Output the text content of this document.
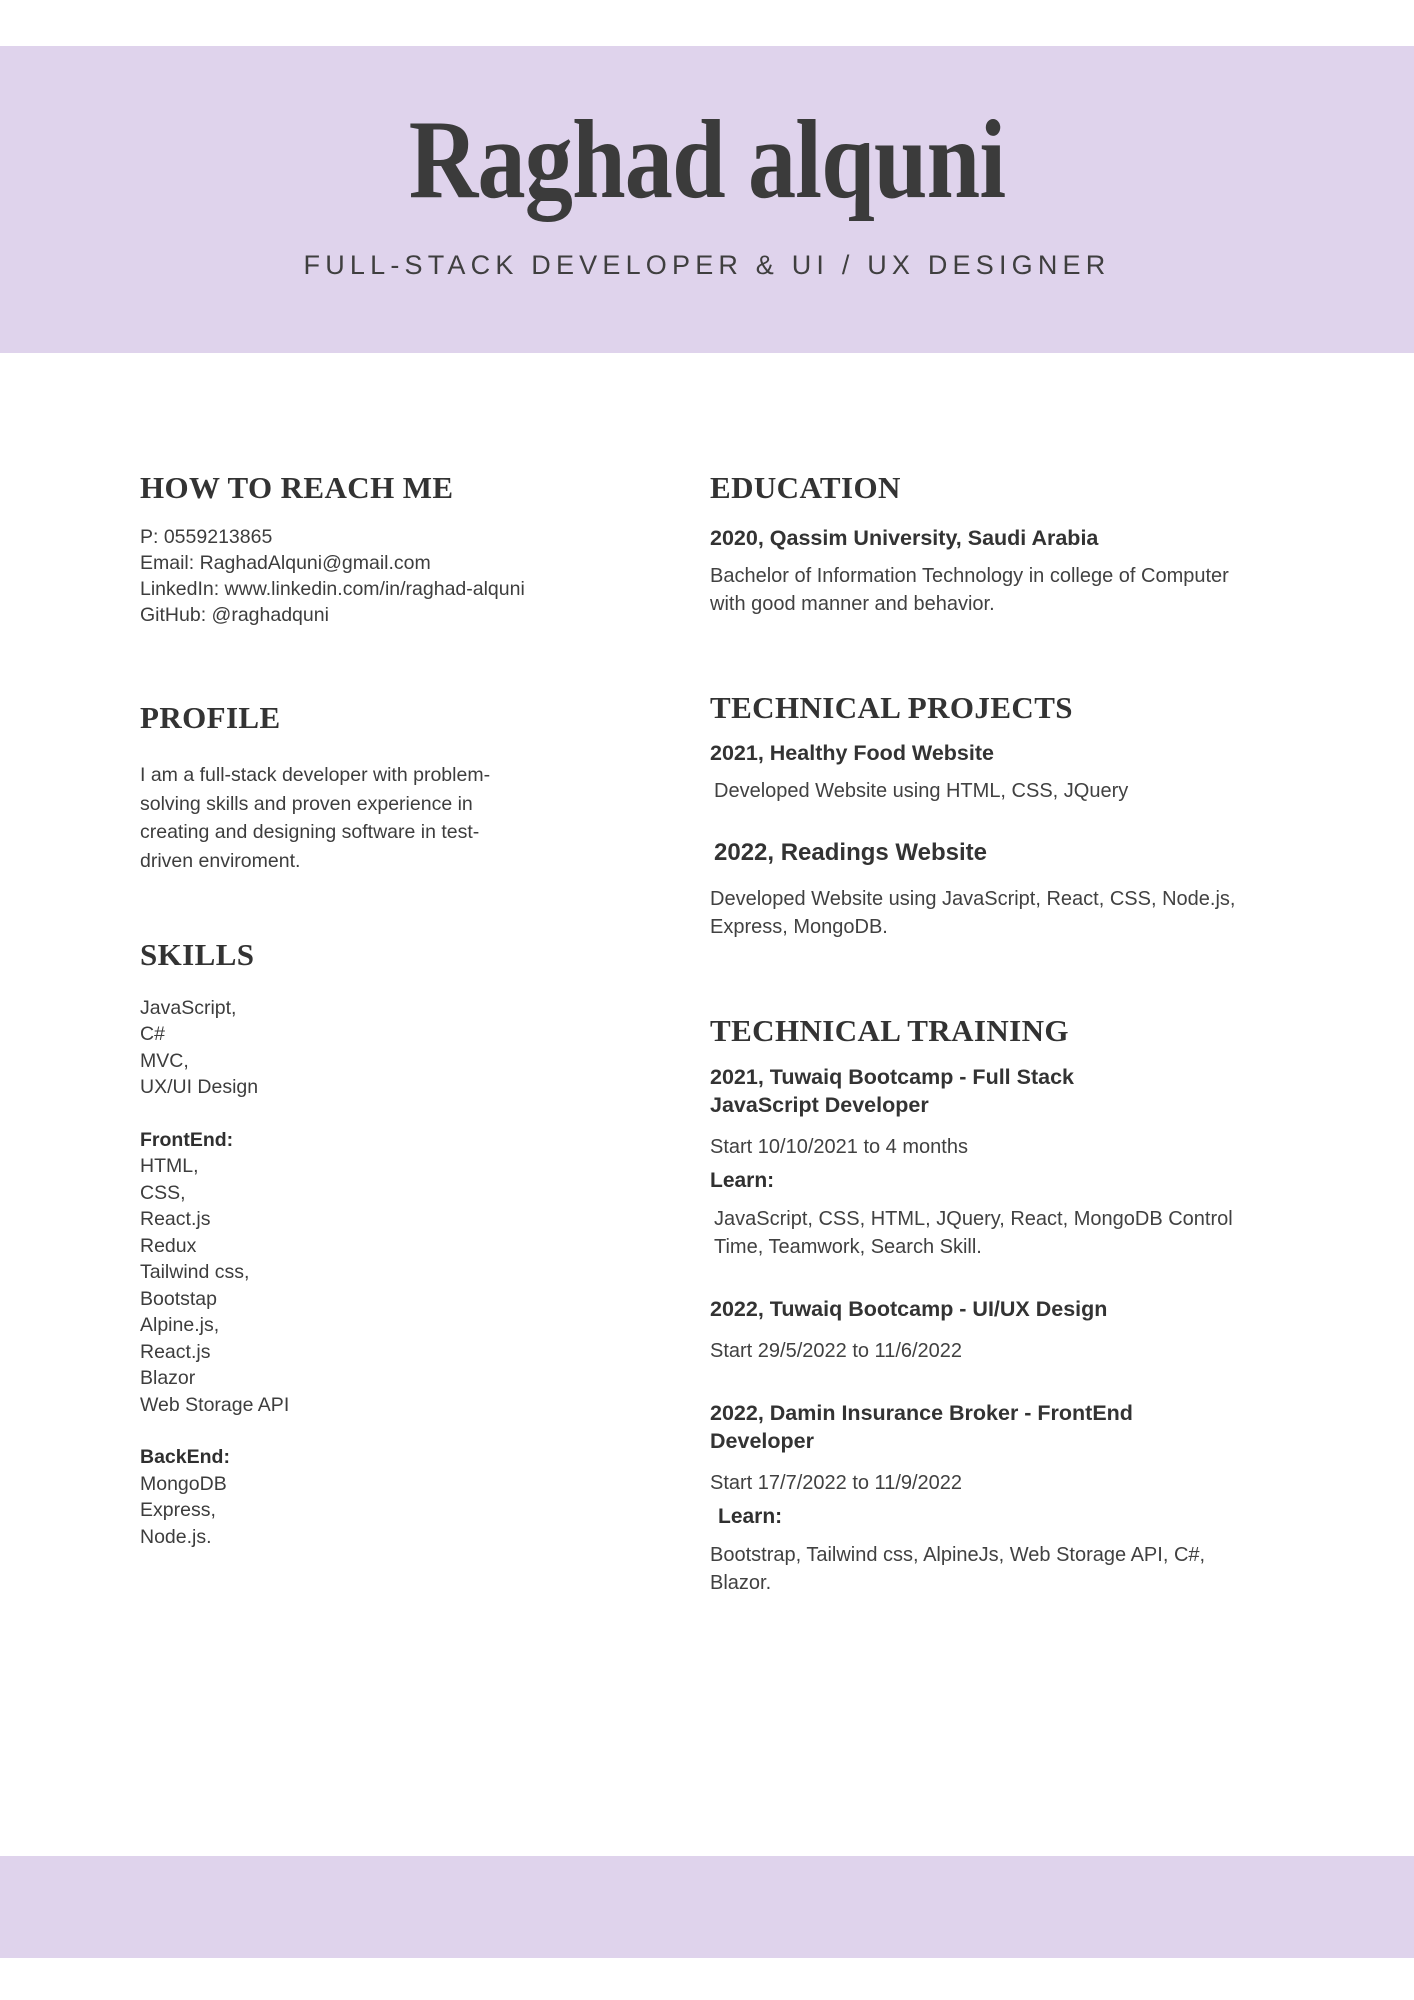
Raghad alquni
FULL-STACK DEVELOPER & UI / UX DESIGNER
HOW TO REACH ME
P: 0559213865
Email: RaghadAlquni@gmail.com
LinkedIn: www.linkedin.com/in/raghad-alquni
GitHub: @raghadquni
PROFILE
I am a full-stack developer with problem-solving skills and proven experience in creating and designing software in test-driven enviroment.
SKILLS
JavaScript,
C#
MVC,
UX/UI Design
FrontEnd:
HTML,
CSS,
React.js
Redux
Tailwind css,
Bootstap
Alpine.js,
React.js
Blazor
Web Storage API
BackEnd:
MongoDB
Express,
Node.js.
EDUCATION
2020, Qassim University, Saudi Arabia
Bachelor of Information Technology in college of Computer with good manner and behavior.
TECHNICAL PROJECTS
2021, Healthy Food Website
Developed Website using HTML, CSS, JQuery
2022, Readings Website
Developed Website using JavaScript, React, CSS, Node.js, Express, MongoDB.
TECHNICAL TRAINING
2021, Tuwaiq Bootcamp - Full Stack JavaScript Developer
Start 10/10/2021 to 4 months
Learn:
JavaScript, CSS, HTML, JQuery, React, MongoDB Control Time, Teamwork, Search Skill.
2022, Tuwaiq Bootcamp - UI/UX Design
Start 29/5/2022 to 11/6/2022
2022, Damin Insurance Broker - FrontEnd Developer
Start 17/7/2022 to 11/9/2022
Learn:
Bootstrap, Tailwind css, AlpineJs, Web Storage API, C#, Blazor.
